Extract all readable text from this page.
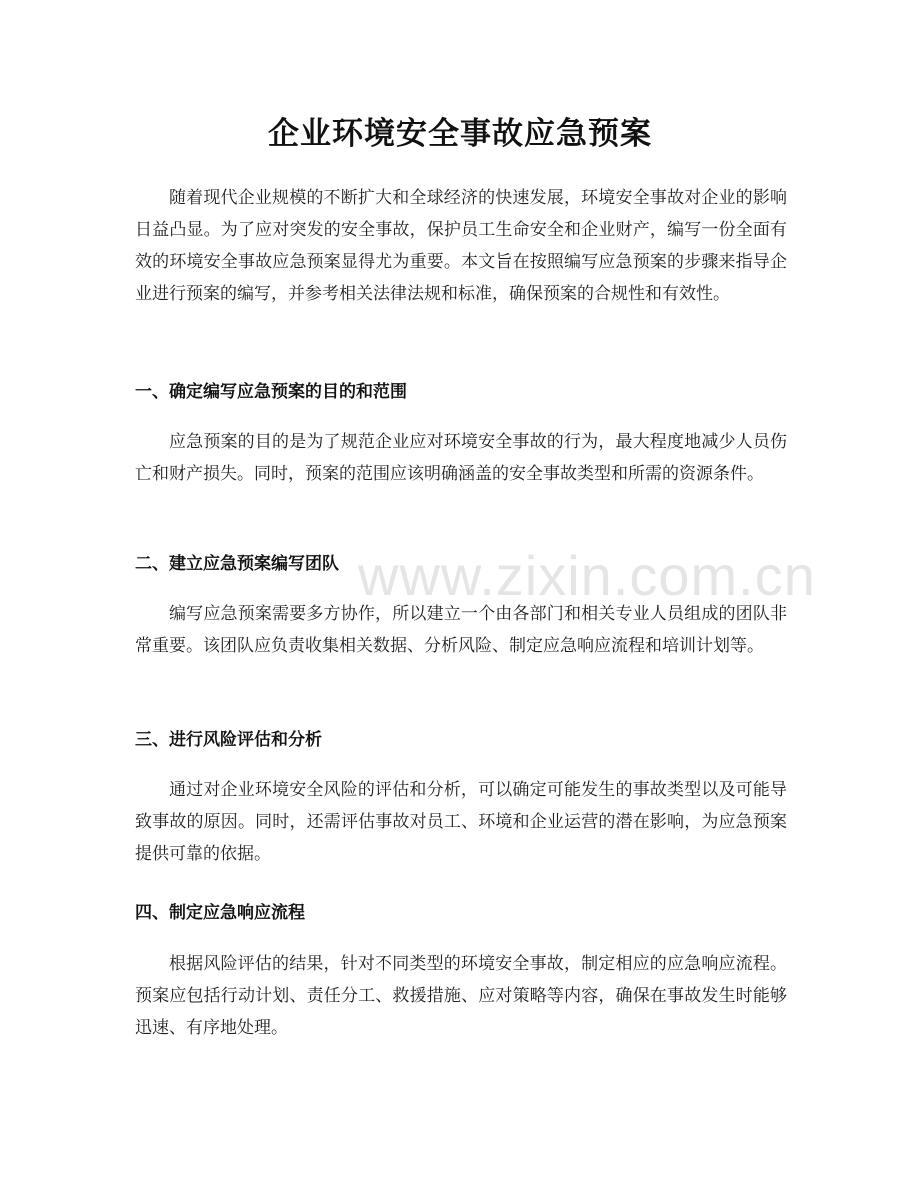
企业环境安全事故应急预案

随着现代企业规模的不断扩大和全球经济的快速发展，环境安全事故对企业的影响日益凸显。为了应对突发的安全事故，保护员工生命安全和企业财产，编写一份全面有效的环境安全事故应急预案显得尤为重要。本文旨在按照编写应急预案的步骤来指导企业进行预案的编写，并参考相关法律法规和标准，确保预案的合规性和有效性。

一、确定编写应急预案的目的和范围

应急预案的目的是为了规范企业应对环境安全事故的行为，最大程度地减少人员伤亡和财产损失。同时，预案的范围应该明确涵盖的安全事故类型和所需的资源条件。

二、建立应急预案编写团队

编写应急预案需要多方协作，所以建立一个由各部门和相关专业人员组成的团队非常重要。该团队应负责收集相关数据、分析风险、制定应急响应流程和培训计划等。

三、进行风险评估和分析

通过对企业环境安全风险的评估和分析，可以确定可能发生的事故类型以及可能导致事故的原因。同时，还需评估事故对员工、环境和企业运营的潜在影响，为应急预案提供可靠的依据。

四、制定应急响应流程

根据风险评估的结果，针对不同类型的环境安全事故，制定相应的应急响应流程。预案应包括行动计划、责任分工、救援措施、应对策略等内容，确保在事故发生时能够迅速、有序地处理。

www.zixin.com.cn
